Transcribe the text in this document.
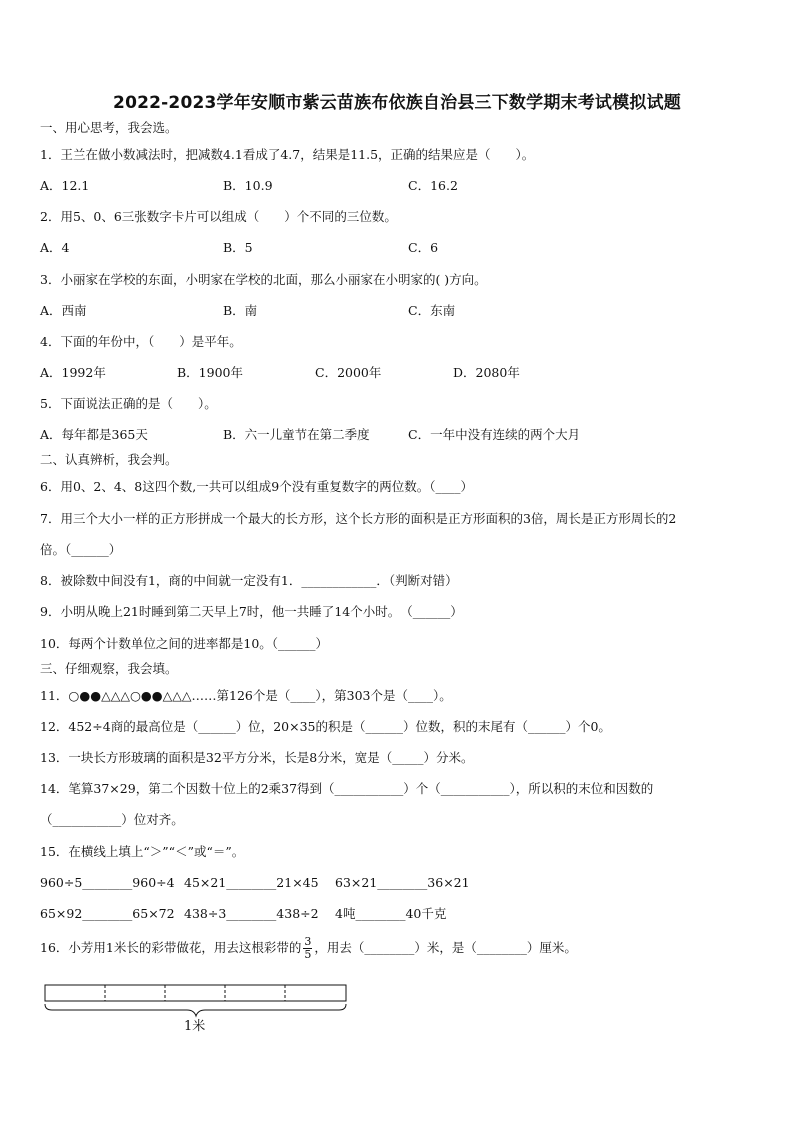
2022-2023学年安顺市紫云苗族布依族自治县三下数学期末考试模拟试题
一、用心思考，我会选。
1．王兰在做小数减法时，把减数4.1看成了4.7，结果是11.5，正确的结果应是（　　）。
A．12.1	B．10.9	C．16.2
2．用5、0、6三张数字卡片可以组成（　　）个不同的三位数。
A．4	B．5	C．6
3．小丽家在学校的东面，小明家在学校的北面，那么小丽家在小明家的( )方向。
A．西南	B．南	C．东南
4．下面的年份中，（　　）是平年。
A．1992年	B．1900年	C．2000年	D．2080年
5．下面说法正确的是（　　）。
A．每年都是365天	B．六一儿童节在第二季度	C．一年中没有连续的两个大月
二、认真辨析，我会判。
6．用0、2、4、8这四个数,一共可以组成9个没有重复数字的两位数。（____）
7．用三个大小一样的正方形拼成一个最大的长方形，这个长方形的面积是正方形面积的3倍，周长是正方形周长的2
倍。（______）
8．被除数中间没有1，商的中间就一定没有1．____________．（判断对错）
9．小明从晚上21时睡到第二天早上7时，他一共睡了14个小时。　（______）
10．每两个计数单位之间的进率都是10。（______）
三、仔细观察，我会填。
11．○●●△△△○●●△△△……第126个是（____），第303个是（____）。
12．452÷4商的最高位是（______）位，20×35的积是（______）位数，积的末尾有（______）个0。
13．一块长方形玻璃的面积是32平方分米，长是8分米，宽是（_____）分米。
14．笔算37×29，第二个因数十位上的2乘37得到（___________）个（___________），所以积的末位和因数的
（___________）位对齐。
15．在横线上填上“＞”“＜”或“＝”。
960÷5________960÷4 45×21________21×45 63×21________36×21
65×92________65×72 438÷3________438÷2 4吨________40千克
16．小芳用1米长的彩带做花，用去这根彩带的 $\frac{3}{5}$ ，用去（________）米，是（________）厘米。
1米
